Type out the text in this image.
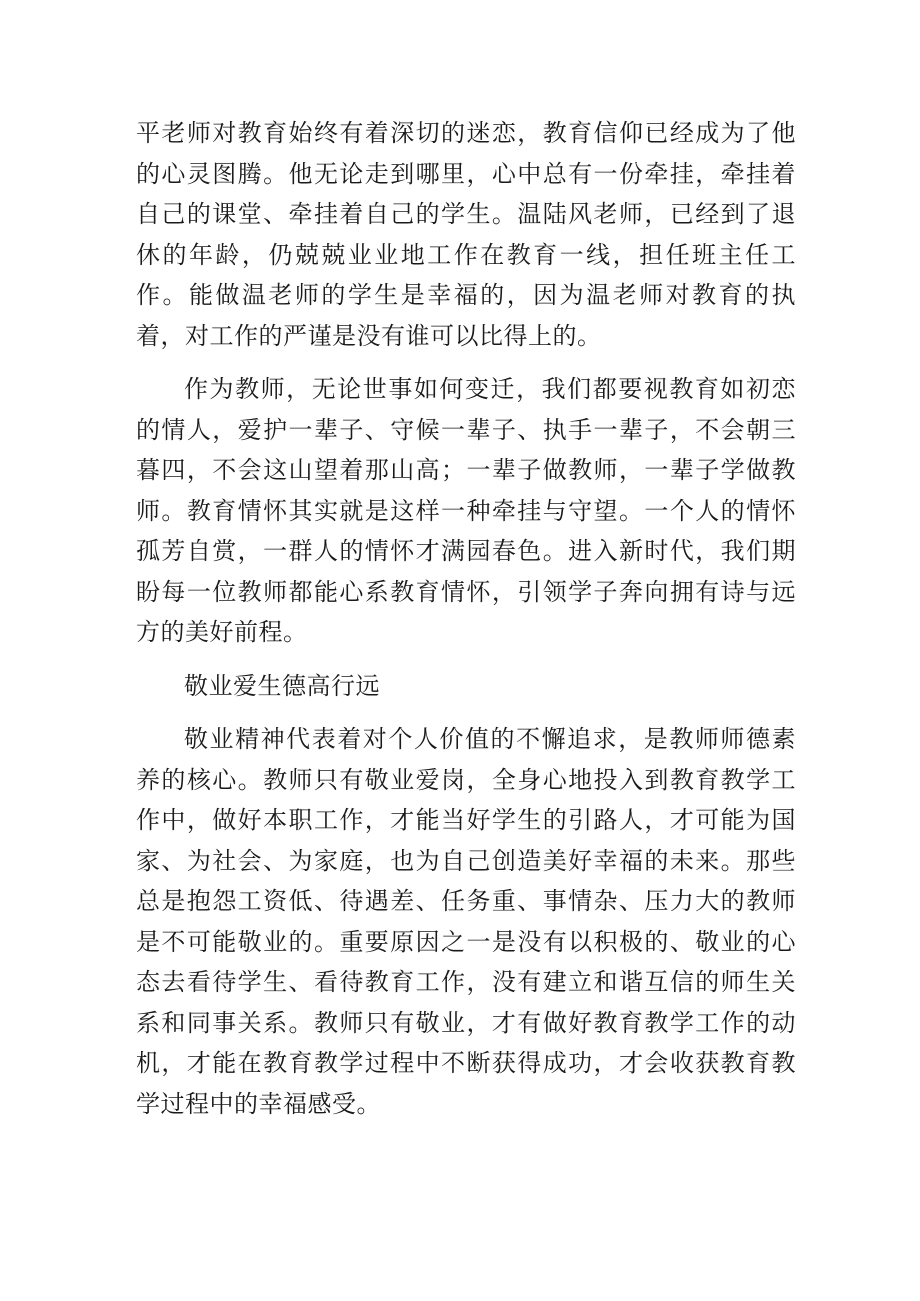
平老师对教育始终有着深切的迷恋，教育信仰已经成为了他的心灵图腾。他无论走到哪里，心中总有一份牵挂，牵挂着自己的课堂、牵挂着自己的学生。温陆风老师，已经到了退休的年龄，仍兢兢业业地工作在教育一线，担任班主任工作。能做温老师的学生是幸福的，因为温老师对教育的执着，对工作的严谨是没有谁可以比得上的。

作为教师，无论世事如何变迁，我们都要视教育如初恋的情人，爱护一辈子、守候一辈子、执手一辈子，不会朝三暮四，不会这山望着那山高；一辈子做教师，一辈子学做教师。教育情怀其实就是这样一种牵挂与守望。一个人的情怀孤芳自赏，一群人的情怀才满园春色。进入新时代，我们期盼每一位教师都能心系教育情怀，引领学子奔向拥有诗与远方的美好前程。

敬业爱生德高行远

敬业精神代表着对个人价值的不懈追求，是教师师德素养的核心。教师只有敬业爱岗，全身心地投入到教育教学工作中，做好本职工作，才能当好学生的引路人，才可能为国家、为社会、为家庭，也为自己创造美好幸福的未来。那些总是抱怨工资低、待遇差、任务重、事情杂、压力大的教师是不可能敬业的。重要原因之一是没有以积极的、敬业的心态去看待学生、看待教育工作，没有建立和谐互信的师生关系和同事关系。教师只有敬业，才有做好教育教学工作的动机，才能在教育教学过程中不断获得成功，才会收获教育教学过程中的幸福感受。
